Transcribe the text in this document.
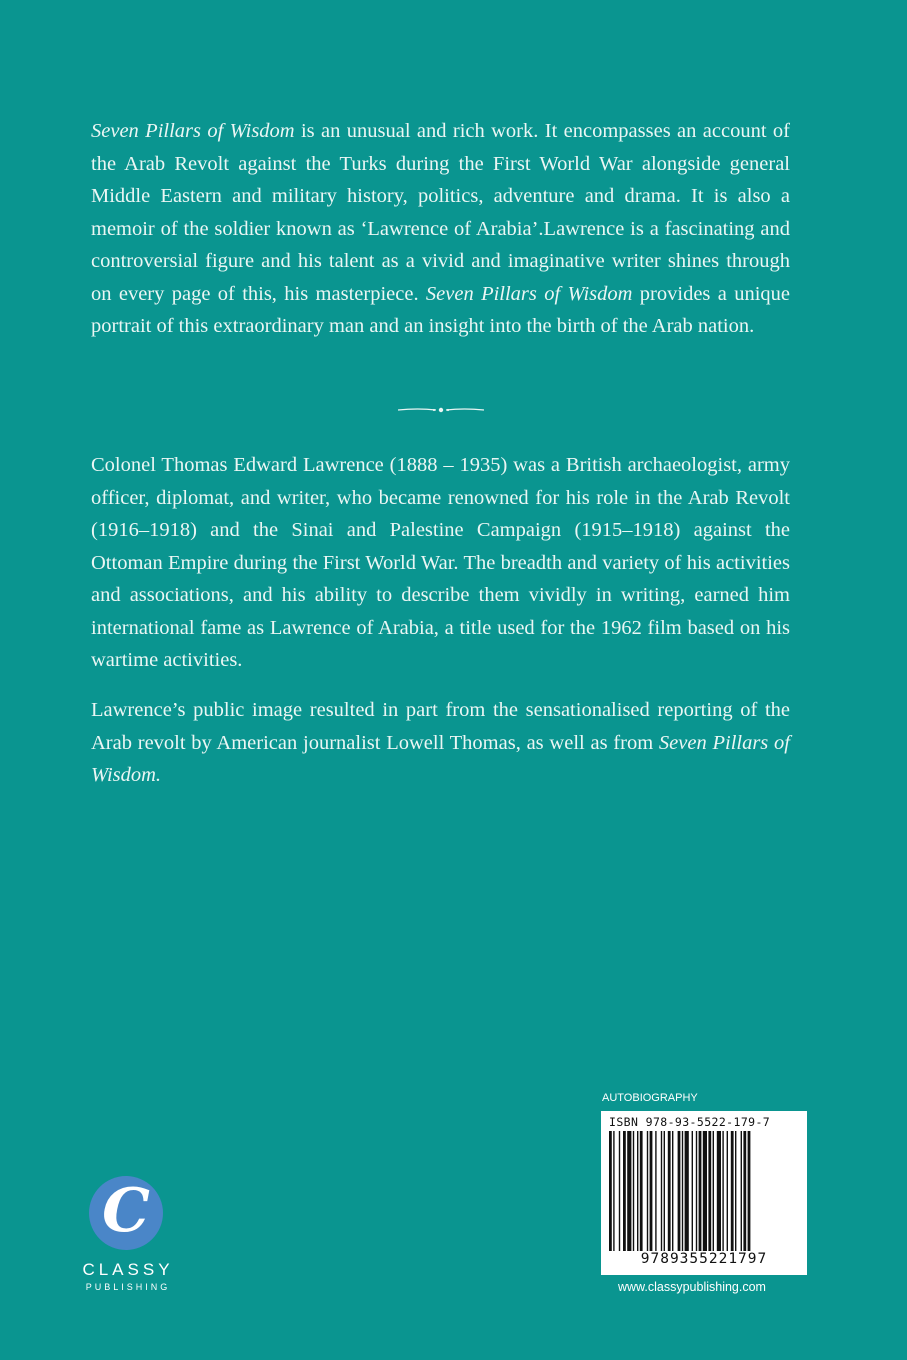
Seven Pillars of Wisdom is an unusual and rich work. It encompasses an account of the Arab Revolt against the Turks during the First World War alongside general Middle Eastern and military history, politics, adventure and drama. It is also a memoir of the soldier known as ‘Lawrence of Arabia’.Lawrence is a fascinating and controversial figure and his talent as a vivid and imaginative writer shines through on every page of this, his masterpiece. Seven Pillars of Wisdom provides a unique portrait of this extraordinary man and an insight into the birth of the Arab nation.

Colonel Thomas Edward Lawrence (1888 – 1935) was a British archaeologist, army officer, diplomat, and writer, who became renowned for his role in the Arab Revolt (1916–1918) and the Sinai and Palestine Campaign (1915–1918) against the Ottoman Empire during the First World War. The breadth and variety of his activities and associations, and his ability to describe them vividly in writing, earned him international fame as Lawrence of Arabia, a title used for the 1962 film based on his wartime activities.

Lawrence’s public image resulted in part from the sensationalised reporting of the Arab revolt by American journalist Lowell Thomas, as well as from Seven Pillars of Wisdom.

C
CLASSY
PUBLISHING
AUTOBIOGRAPHY
ISBN 978-93-5522-179-7
9789355221797
www.classypublishing.com
